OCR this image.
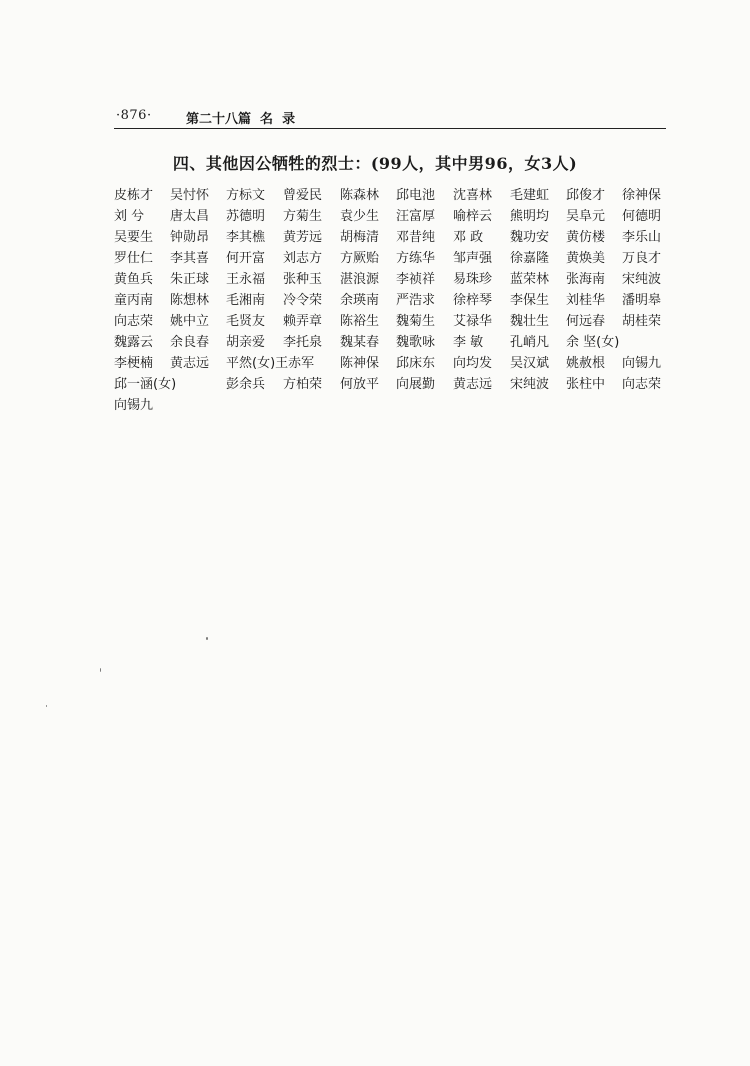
·876·	第二十八篇  名  录
四、其他因公牺牲的烈士：(99人，其中男96，女3人)
皮栋才 吴忖怀 方标文 曾爱民 陈森林 邱电池 沈喜林 毛建虹 邱俊才 徐神保
刘 兮 唐太昌 苏德明 方菊生 袁少生 汪富厚 喻梓云 熊明均 吴阜元 何德明
吴要生 钟勋昂 李其樵 黄芳远 胡梅清 邓昔纯 邓 政 魏功安 黄仿楼 李乐山
罗仕仁 李其喜 何开富 刘志方 方厥贻 方练华 邹声强 徐嘉隆 黄焕美 万良才
黄鱼兵 朱正球 王永福 张种玉 湛浪源 李祯祥 易珠珍 蓝荣林 张海南 宋纯波
童丙南 陈想林 毛湘南 冷令荣 余瑛南 严浩求 徐梓琴 李保生 刘桂华 潘明皋
向志荣 姚中立 毛贤友 赖弄章 陈裕生 魏菊生 艾禄华 魏壮生 何远春 胡桂荣
魏露云 余良春 胡亲爱 李托泉 魏某春 魏歌咏 李 敏 孔峭凡 余 坚(女)
李梗楠 黄志远 平然(女)王赤军 陈神保 邱床东 向均发 吴汉斌 姚赦根 向锡九
邱一涵(女)	彭余兵 方柏荣 何放平 向展勤 黄志远 宋纯波 张柱中 向志荣
向锡九
